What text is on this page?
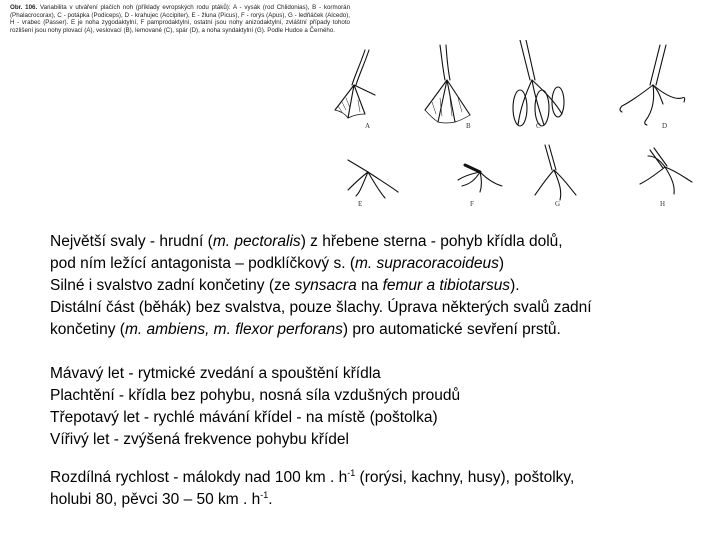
Obr. 106. Variabilita v utváření plačích noh (příklady evropských rodu ptáků): A - vysák (rod Chlidonias), B - kormorán (Phalacrocorax), C - potápka (Podiceps), D - krahujec (Accipiter), E - žluna (Picus), F - rorýs (Apus), G - ledňáček (Alcedo), H - vrabec (Passer). E je noha zygodaktylní, F pamprodaktylní, ostatní jsou nohy anizodaktylní, zvláštní případy tohoto rozlišení jsou nohy plovací (A), veslovací (B), lemované (C), spár (D), a noha syndaktylní (G). Podle Hudce a Černého.
A	B	C	D
E	F	G	H

Největší svaly - hrudní (m. pectoralis) z hřebene sterna - pohyb křídla dolů,

pod ním ležící antagonista – podklíčkový s. (m. supracoracoideus)

Silné i svalstvo zadní končetiny (ze synsacra na femur a tibiotarsus).

Distální část (běhák) bez svalstva, pouze šlachy. Úprava některých svalů zadní

končetiny (m. ambiens, m. flexor perforans) pro automatické sevření prstů.

Mávavý let - rytmické zvedání a spouštění křídla

Plachtění - křídla bez pohybu, nosná síla vzdušných proudů

Třepotavý let - rychlé mávání křídel - na místě (poštolka)

Vířivý let - zvýšená frekvence pohybu křídel

Rozdílná rychlost - málokdy nad 100 km . $h^{-1}$ (rorýsi, kachny, husy), poštolky,

holubi 80, pěvci 30 – 50 km . $h^{-1}$.
